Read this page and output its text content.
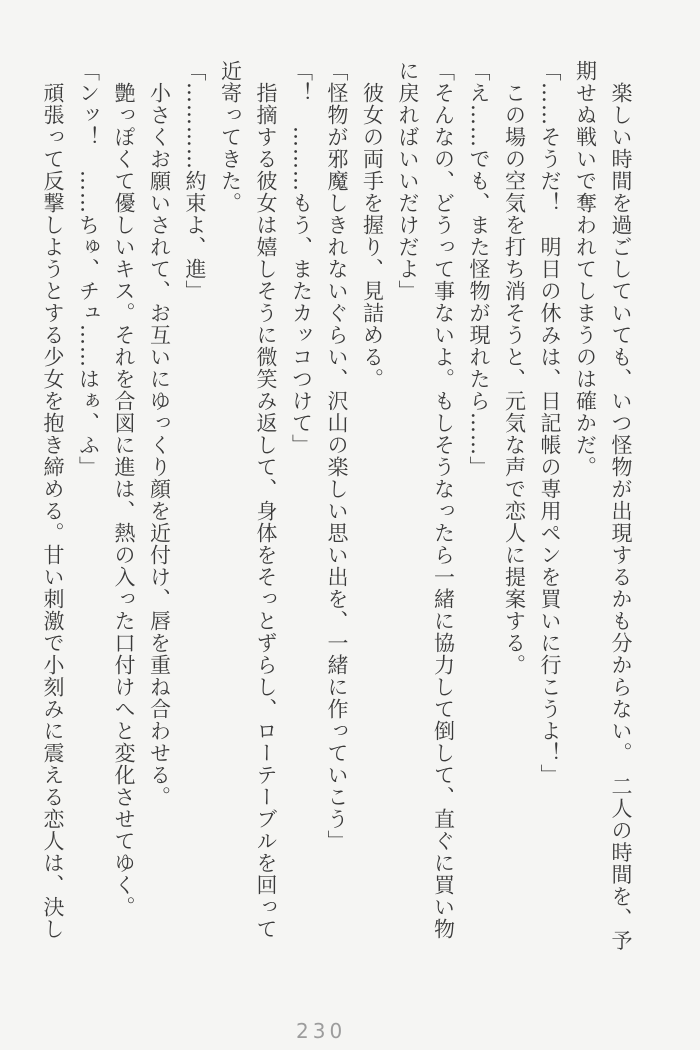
　楽しい時間を過ごしていても、いつ怪物が出現するかも分からない。　二人の時間を、予
期せぬ戦いで奪われてしまうのは確かだ。
「……そうだ！　明日の休みは、日記帳の専用ペンを買いに行こうよ！」
　この場の空気を打ち消そうと、元気な声で恋人に提案する。
「え……でも、また怪物が現れたら……」
「そんなの、どうって事ないよ。もしそうなったら一緒に協力して倒して、直ぐに買い物
に戻ればいいだけだよ」
　彼女の両手を握り、見詰める。
「怪物が邪魔しきれないぐらい、沢山の楽しい思い出を、一緒に作っていこう」
「！　………もう、またカッコつけて」
　指摘する彼女は嬉しそうに微笑み返して、身体をそっとずらし、ローテーブルを回って
近寄ってきた。
「…………約束よ、進」
　小さくお願いされて、お互いにゆっくり顔を近付け、唇を重ね合わせる。
　艶っぽくて優しいキス。それを合図に進は、熱の入った口付けへと変化させてゆく。
「ンッ！　……ちゅ、チュ……はぁ、ふ」
　頑張って反撃しようとする少女を抱き締める。甘い刺激で小刻みに震える恋人は、決し
230
